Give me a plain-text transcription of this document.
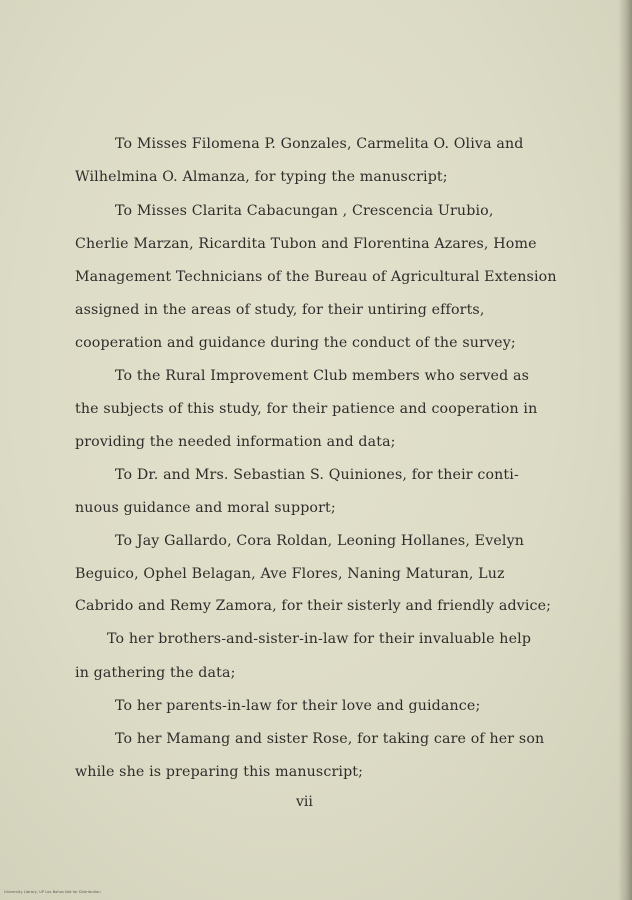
To Misses Filomena P. Gonzales, Carmelita O. Oliva and
Wilhelmina O. Almanza, for typing the manuscript;
To Misses Clarita Cabacungan , Crescencia Urubio,
Cherlie Marzan, Ricardita Tubon and Florentina Azares, Home
Management Technicians of the Bureau of Agricultural Extension
assigned in the areas of study, for their untiring efforts,
cooperation and guidance during the conduct of the survey;
To the Rural Improvement Club members who served as
the subjects of this study, for their patience and cooperation in
providing the needed information and data;
To Dr. and Mrs. Sebastian S. Quiniones, for their conti-
nuous guidance and moral support;
To Jay Gallardo, Cora Roldan, Leoning Hollanes, Evelyn
Beguico, Ophel Belagan, Ave Flores, Naning Maturan, Luz
Cabrido and Remy Zamora, for their sisterly and friendly advice;
To her brothers-and-sister-in-law for their invaluable help
in gathering the data;
To her parents-in-law for their love and guidance;
To her Mamang and sister Rose, for taking care of her son
while she is preparing this manuscript;
vii
University Library, UP Los Baños Not for Distribution
